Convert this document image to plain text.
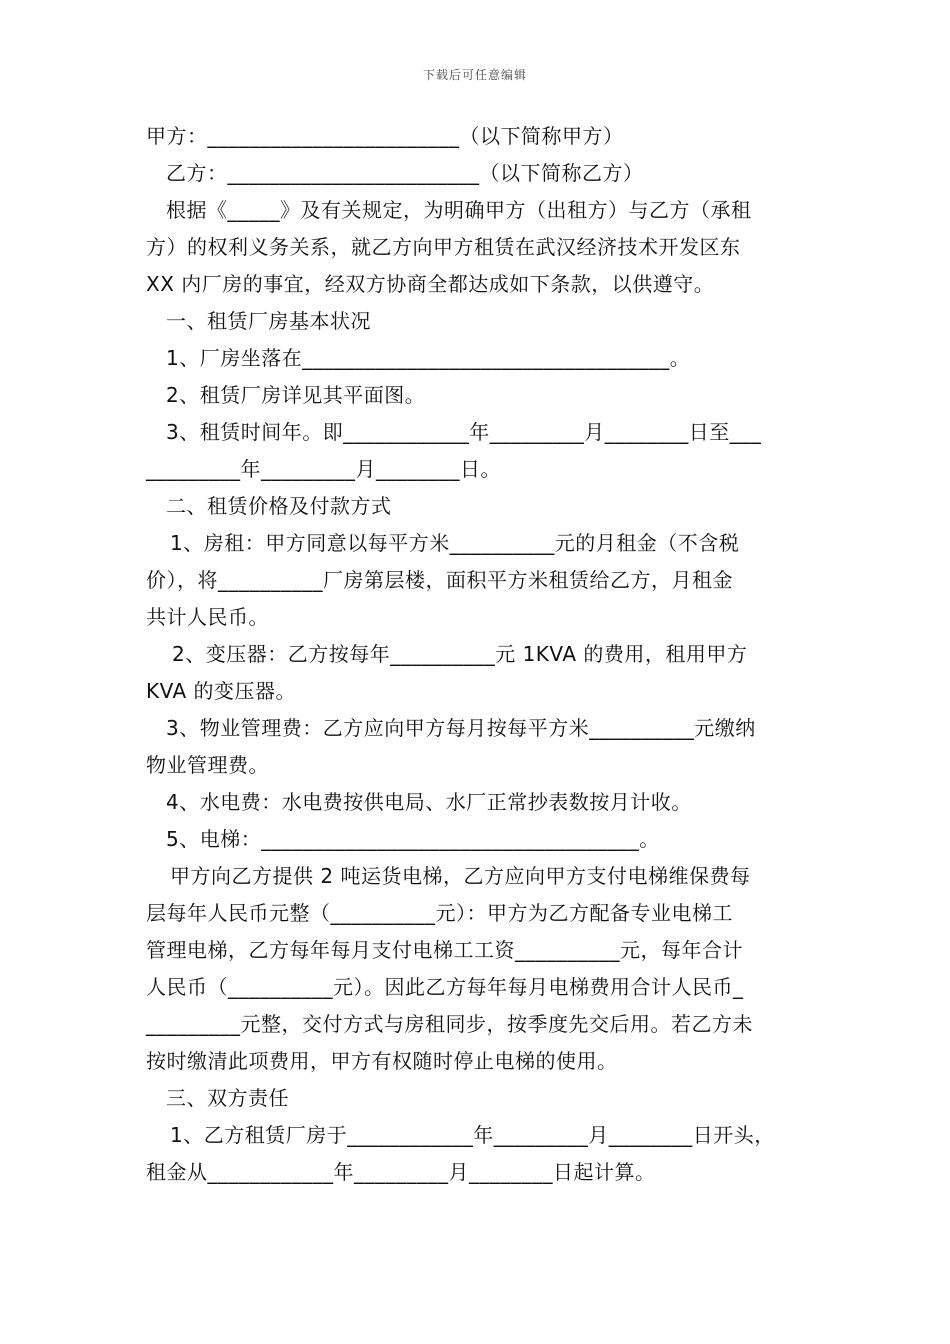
下载后可任意编辑
甲方：________________________（以下简称甲方）
乙方：________________________（以下简称乙方）
根据《_____》及有关规定，为明确甲方（出租方）与乙方（承租
方）的权利义务关系，就乙方向甲方租赁在武汉经济技术开发区东
XX 内厂房的事宜，经双方协商全都达成如下条款，以供遵守。
一、租赁厂房基本状况
1、厂房坐落在___________________________________。
2、租赁厂房详见其平面图。
3、租赁时间年。即____________年_________月________日至___
_________年_________月________日。
二、租赁价格及付款方式
1、房租：甲方同意以每平方米__________元的月租金（不含税
价），将__________厂房第层楼，面积平方米租赁给乙方，月租金
共计人民币。
2、变压器：乙方按每年__________元 1KVA 的费用，租用甲方
KVA 的变压器。
3、物业管理费：乙方应向甲方每月按每平方米__________元缴纳
物业管理费。
4、水电费：水电费按供电局、水厂正常抄表数按月计收。
5、电梯：____________________________________。
甲方向乙方提供 2 吨运货电梯，乙方应向甲方支付电梯维保费每
层每年人民币元整（__________元）：甲方为乙方配备专业电梯工
管理电梯，乙方每年每月支付电梯工工资__________元，每年合计
人民币（__________元）。因此乙方每年每月电梯费用合计人民币_
_________元整，交付方式与房租同步，按季度先交后用。若乙方未
按时缴清此项费用，甲方有权随时停止电梯的使用。
三、双方责任
1、乙方租赁厂房于____________年_________月________日开头，
租金从____________年_________月________日起计算。
